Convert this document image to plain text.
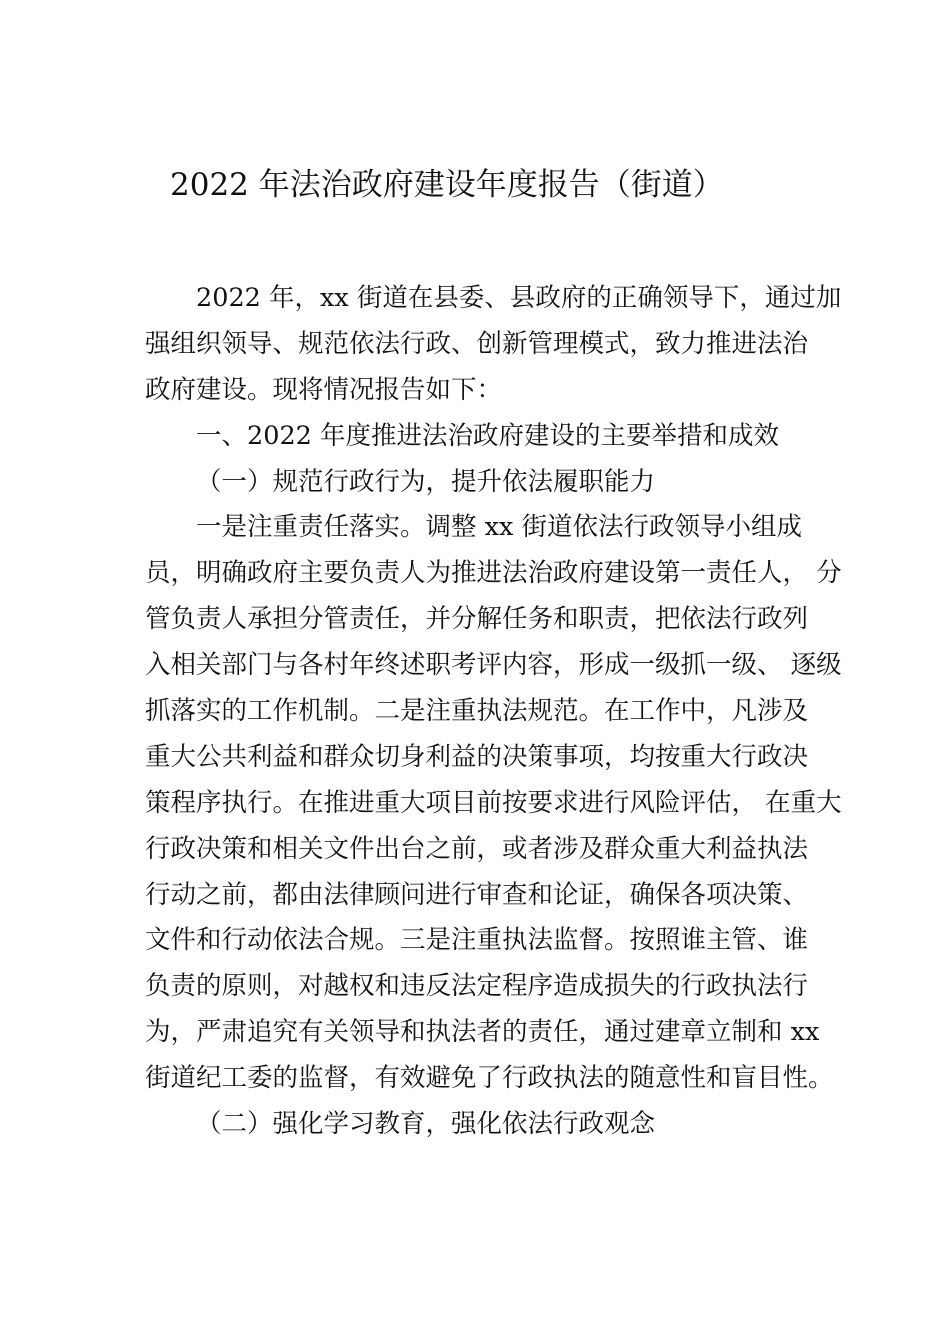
2022 年法治政府建设年度报告（街道）
2022 年，xx 街道在县委、县政府的正确领导下，通过加
强组织领导、规范依法行政、创新管理模式，致力推进法治
政府建设。现将情况报告如下：
一、2022 年度推进法治政府建设的主要举措和成效
（一）规范行政行为，提升依法履职能力
一是注重责任落实。调整 xx 街道依法行政领导小组成
员，明确政府主要负责人为推进法治政府建设第一责任人， 分
管负责人承担分管责任，并分解任务和职责，把依法行政列
入相关部门与各村年终述职考评内容，形成一级抓一级、 逐级
抓落实的工作机制。二是注重执法规范。在工作中，凡涉及
重大公共利益和群众切身利益的决策事项，均按重大行政决
策程序执行。在推进重大项目前按要求进行风险评估， 在重大
行政决策和相关文件出台之前，或者涉及群众重大利益执法
行动之前，都由法律顾问进行审查和论证，确保各项决策、
文件和行动依法合规。三是注重执法监督。按照谁主管、谁
负责的原则，对越权和违反法定程序造成损失的行政执法行
为，严肃追究有关领导和执法者的责任，通过建章立制和 xx
街道纪工委的监督，有效避免了行政执法的随意性和盲目性。
（二）强化学习教育，强化依法行政观念
